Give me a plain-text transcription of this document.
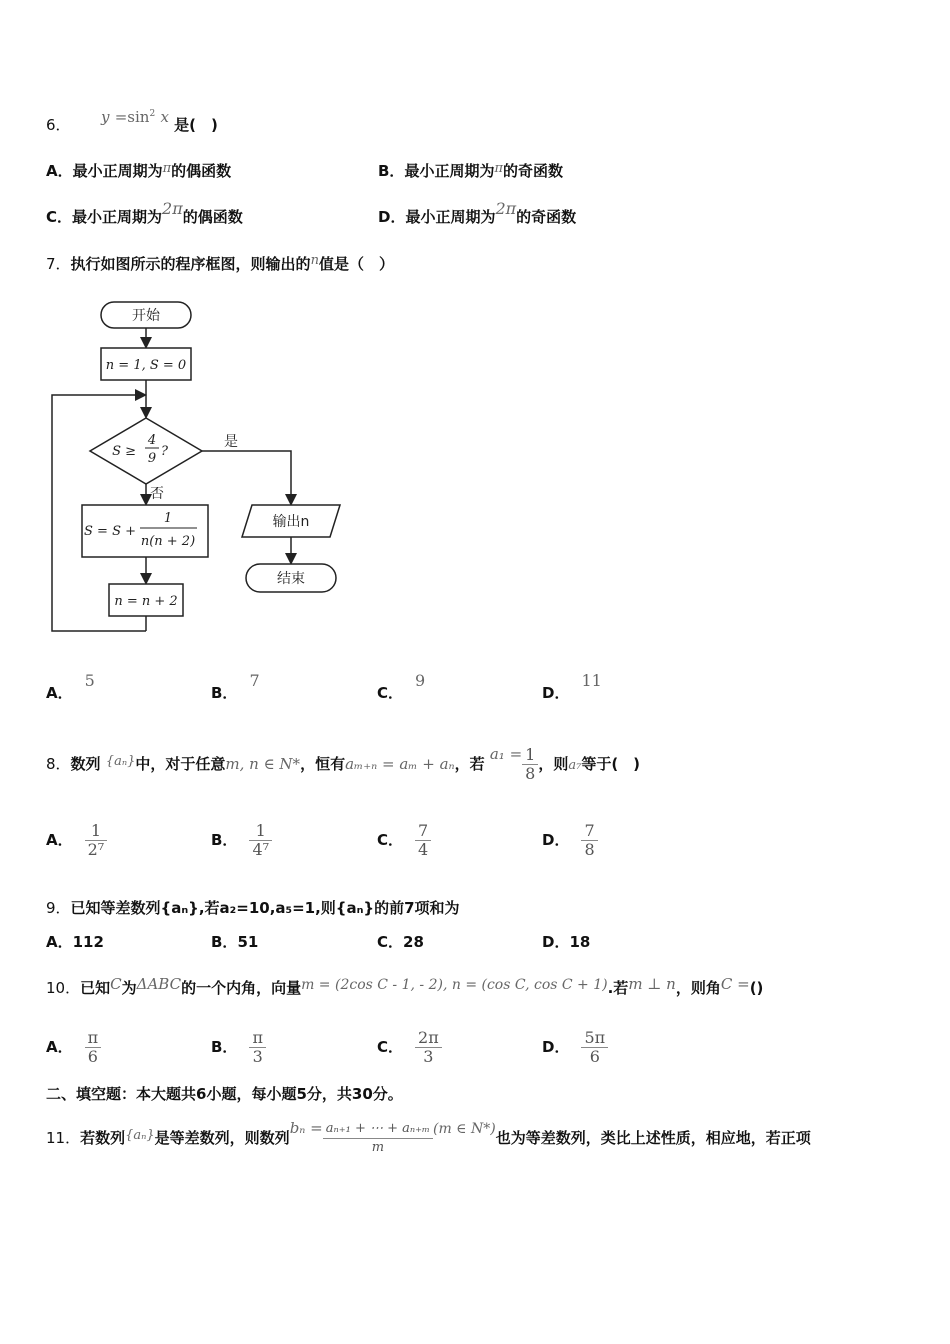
6． $y =\sin^2$ x 是(　)
A．最小正周期为π的偶函数	B．最小正周期为π的奇函数
C．最小正周期为2π的偶函数	D．最小正周期为2π的奇函数
7．执行如图所示的程序框图，则输出的n值是（　）
开始
n = 1, S = 0
S ≥
4
9 ?
是
否
S = S +
1
n(n + 2)
n = n + 2
输出n
结束
A．5
B．7
C．9
D．11
8．数列 {aₙ}中，对于任意m, n ∈ N*，恒有aₘ₊ₙ = aₘ + aₙ，若 $a_1 = \frac{1}{8}$ ，则a₇等于(　)
A． $\frac{1}{\text{2⁷}}$	B． $\frac{1}{\text{4⁷}}$	C． $\frac{7}{4}$	D． $\frac{7}{8}$
9．已知等差数列{aₙ},若a₂=10,a₅=1,则{aₙ}的前7项和为
A．112	B．51	C．28	D．18
10．已知C为ΔABC的一个内角，向量m = (2cos C - 1, - 2), n = (cos C, cos C + 1).若m ⊥ n，则角C =()
A． $\frac{\pi}{6}$	B． $\frac{\pi}{3}$	C． $\frac{2\pi}{3}$	D． $\frac{5\pi}{6}$
二、填空题：本大题共6小题，每小题5分，共30分。
11．若数列{aₙ}是等差数列，则数列$b_n = \frac{\text{aₙ₊₁ + ⋯ + aₙ₊ₘ}}{m} (m$ ∈ N*)也为等差数列，类比上述性质，相应地，若正项
